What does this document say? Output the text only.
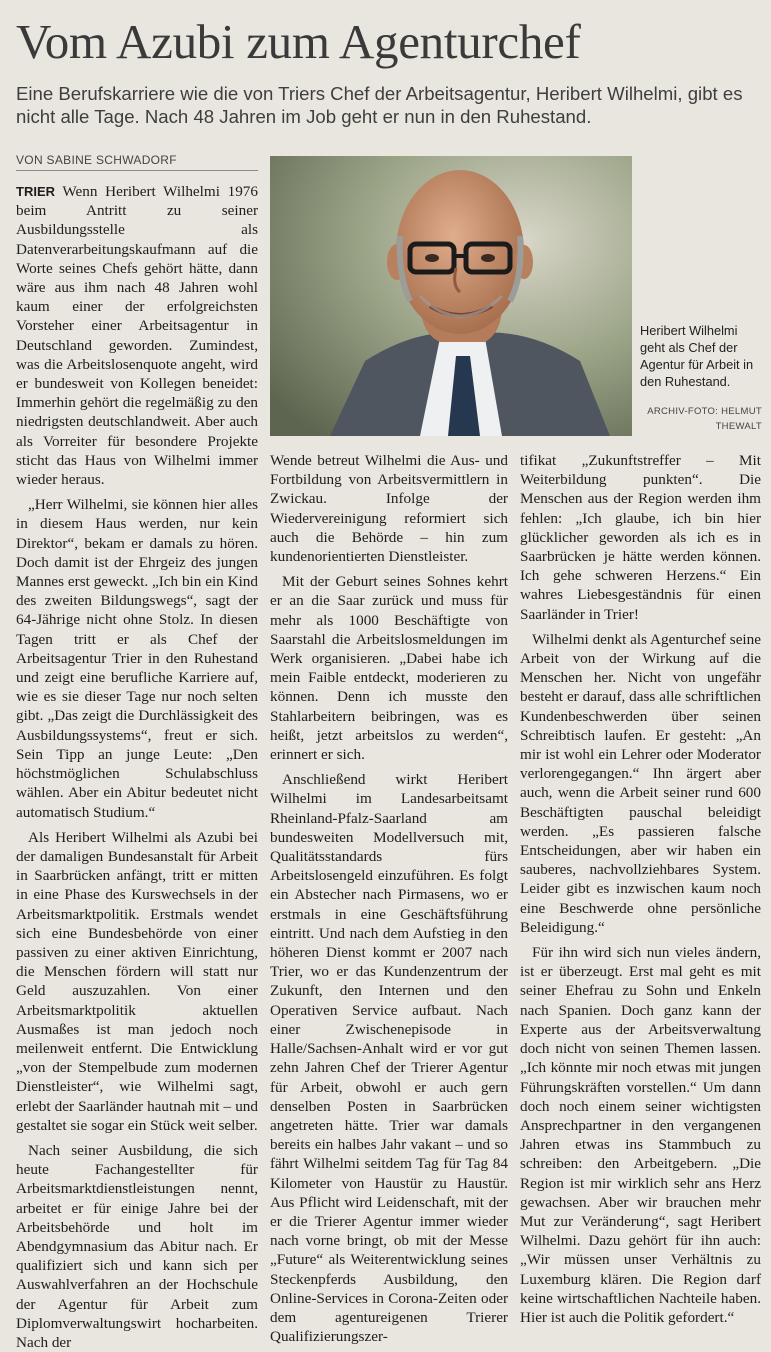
Vom Azubi zum Agenturchef

Eine Berufskarriere wie die von Triers Chef der Arbeitsagentur, Heribert Wilhelmi, gibt es nicht alle Tage. Nach 48 Jahren im Job geht er nun in den Ruhestand.

VON SABINE SCHWADORF

TRIER Wenn Heribert Wilhelmi 1976 beim Antritt zu seiner Ausbildungsstelle als Datenverarbeitungskaufmann auf die Worte seines Chefs gehört hätte, dann wäre aus ihm nach 48 Jahren wohl kaum einer der erfolgreichsten Vorsteher einer Arbeitsagentur in Deutschland geworden. Zumindest, was die Arbeitslosenquote angeht, wird er bundesweit von Kollegen beneidet: Immerhin gehört die regelmäßig zu den niedrigsten deutschlandweit. Aber auch als Vorreiter für besondere Projekte sticht das Haus von Wilhelmi immer wieder heraus.

„Herr Wilhelmi, sie können hier alles in diesem Haus werden, nur kein Direktor“, bekam er damals zu hören. Doch damit ist der Ehrgeiz des jungen Mannes erst geweckt. „Ich bin ein Kind des zweiten Bildungswegs“, sagt der 64-Jährige nicht ohne Stolz. In diesen Tagen tritt er als Chef der Arbeitsagentur Trier in den Ruhestand und zeigt eine berufliche Karriere auf, wie es sie dieser Tage nur noch selten gibt. „Das zeigt die Durchlässigkeit des Ausbildungssystems“, freut er sich. Sein Tipp an junge Leute: „Den höchstmöglichen Schulabschluss wählen. Aber ein Abitur bedeutet nicht automatisch Studium.“

Als Heribert Wilhelmi als Azubi bei der damaligen Bundesanstalt für Arbeit in Saarbrücken anfängt, tritt er mitten in eine Phase des Kurswechsels in der Arbeitsmarktpolitik. Erstmals wendet sich eine Bundesbehörde von einer passiven zu einer aktiven Einrichtung, die Menschen fördern will statt nur Geld auszuzahlen. Von einer Arbeitsmarktpolitik aktuellen Ausmaßes ist man jedoch noch meilenweit entfernt. Die Entwicklung „von der Stempelbude zum modernen Dienstleister“, wie Wilhelmi sagt, erlebt der Saarländer hautnah mit – und gestaltet sie sogar ein Stück weit selber.

Nach seiner Ausbildung, die sich heute Fachangestellter für Arbeitsmarktdienstleistungen nennt, arbeitet er für einige Jahre bei der Arbeitsbehörde und holt im Abendgymnasium das Abitur nach. Er qualifiziert sich und kann sich per Auswahlverfahren an der Hochschule der Agentur für Arbeit zum Diplomverwaltungswirt hocharbeiten. Nach der

Heribert Wilhelmi geht als Chef der Agentur für Arbeit in den Ruhestand.
ARCHIV-FOTO: HELMUT THEWALT

Wende betreut Wilhelmi die Aus- und Fortbildung von Arbeitsvermittlern in Zwickau. Infolge der Wiedervereinigung reformiert sich auch die Behörde – hin zum kundenorientierten Dienstleister.

Mit der Geburt seines Sohnes kehrt er an die Saar zurück und muss für mehr als 1000 Beschäftigte von Saarstahl die Arbeitslosmeldungen im Werk organisieren. „Dabei habe ich mein Faible entdeckt, moderieren zu können. Denn ich musste den Stahlarbeitern beibringen, was es heißt, jetzt arbeitslos zu werden“, erinnert er sich.

Anschließend wirkt Heribert Wilhelmi im Landesarbeitsamt Rheinland-Pfalz-Saarland am bundesweiten Modellversuch mit, Qualitätsstandards fürs Arbeitslosengeld einzuführen. Es folgt ein Abstecher nach Pirmasens, wo er erstmals in eine Geschäftsführung eintritt. Und nach dem Aufstieg in den höheren Dienst kommt er 2007 nach Trier, wo er das Kundenzentrum der Zukunft, den Internen und den Operativen Service aufbaut. Nach einer Zwischenepisode in Halle/Sachsen-Anhalt wird er vor gut zehn Jahren Chef der Trierer Agentur für Arbeit, obwohl er auch gern denselben Posten in Saarbrücken angetreten hätte. Trier war damals bereits ein halbes Jahr vakant – und so fährt Wilhelmi seitdem Tag für Tag 84 Kilometer von Haustür zu Haustür. Aus Pflicht wird Leidenschaft, mit der er die Trierer Agentur immer wieder nach vorne bringt, ob mit der Messe „Future“ als Weiterentwicklung seines Steckenpferds Ausbildung, den Online-Services in Corona-Zeiten oder dem agentureigenen Trierer Qualifizierungszer-

tifikat „Zukunftstreffer – Mit Weiterbildung punkten“. Die Menschen aus der Region werden ihm fehlen: „Ich glaube, ich bin hier glücklicher geworden als ich es in Saarbrücken je hätte werden können. Ich gehe schweren Herzens.“ Ein wahres Liebesgeständnis für einen Saarländer in Trier!

Wilhelmi denkt als Agenturchef seine Arbeit von der Wirkung auf die Menschen her. Nicht von ungefähr besteht er darauf, dass alle schriftlichen Kundenbeschwerden über seinen Schreibtisch laufen. Er gesteht: „An mir ist wohl ein Lehrer oder Moderator verlorengegangen.“ Ihn ärgert aber auch, wenn die Arbeit seiner rund 600 Beschäftigten pauschal beleidigt werden. „Es passieren falsche Entscheidungen, aber wir haben ein sauberes, nachvollziehbares System. Leider gibt es inzwischen kaum noch eine Beschwerde ohne persönliche Beleidigung.“

Für ihn wird sich nun vieles ändern, ist er überzeugt. Erst mal geht es mit seiner Ehefrau zu Sohn und Enkeln nach Spanien. Doch ganz kann der Experte aus der Arbeitsverwaltung doch nicht von seinen Themen lassen. „Ich könnte mir noch etwas mit jungen Führungskräften vorstellen.“ Um dann doch noch einem seiner wichtigsten Ansprechpartner in den vergangenen Jahren etwas ins Stammbuch zu schreiben: den Arbeitgebern. „Die Region ist mir wirklich sehr ans Herz gewachsen. Aber wir brauchen mehr Mut zur Veränderung“, sagt Heribert Wilhelmi. Dazu gehört für ihn auch: „Wir müssen unser Verhältnis zu Luxemburg klären. Die Region darf keine wirtschaftlichen Nachteile haben. Hier ist auch die Politik gefordert.“
